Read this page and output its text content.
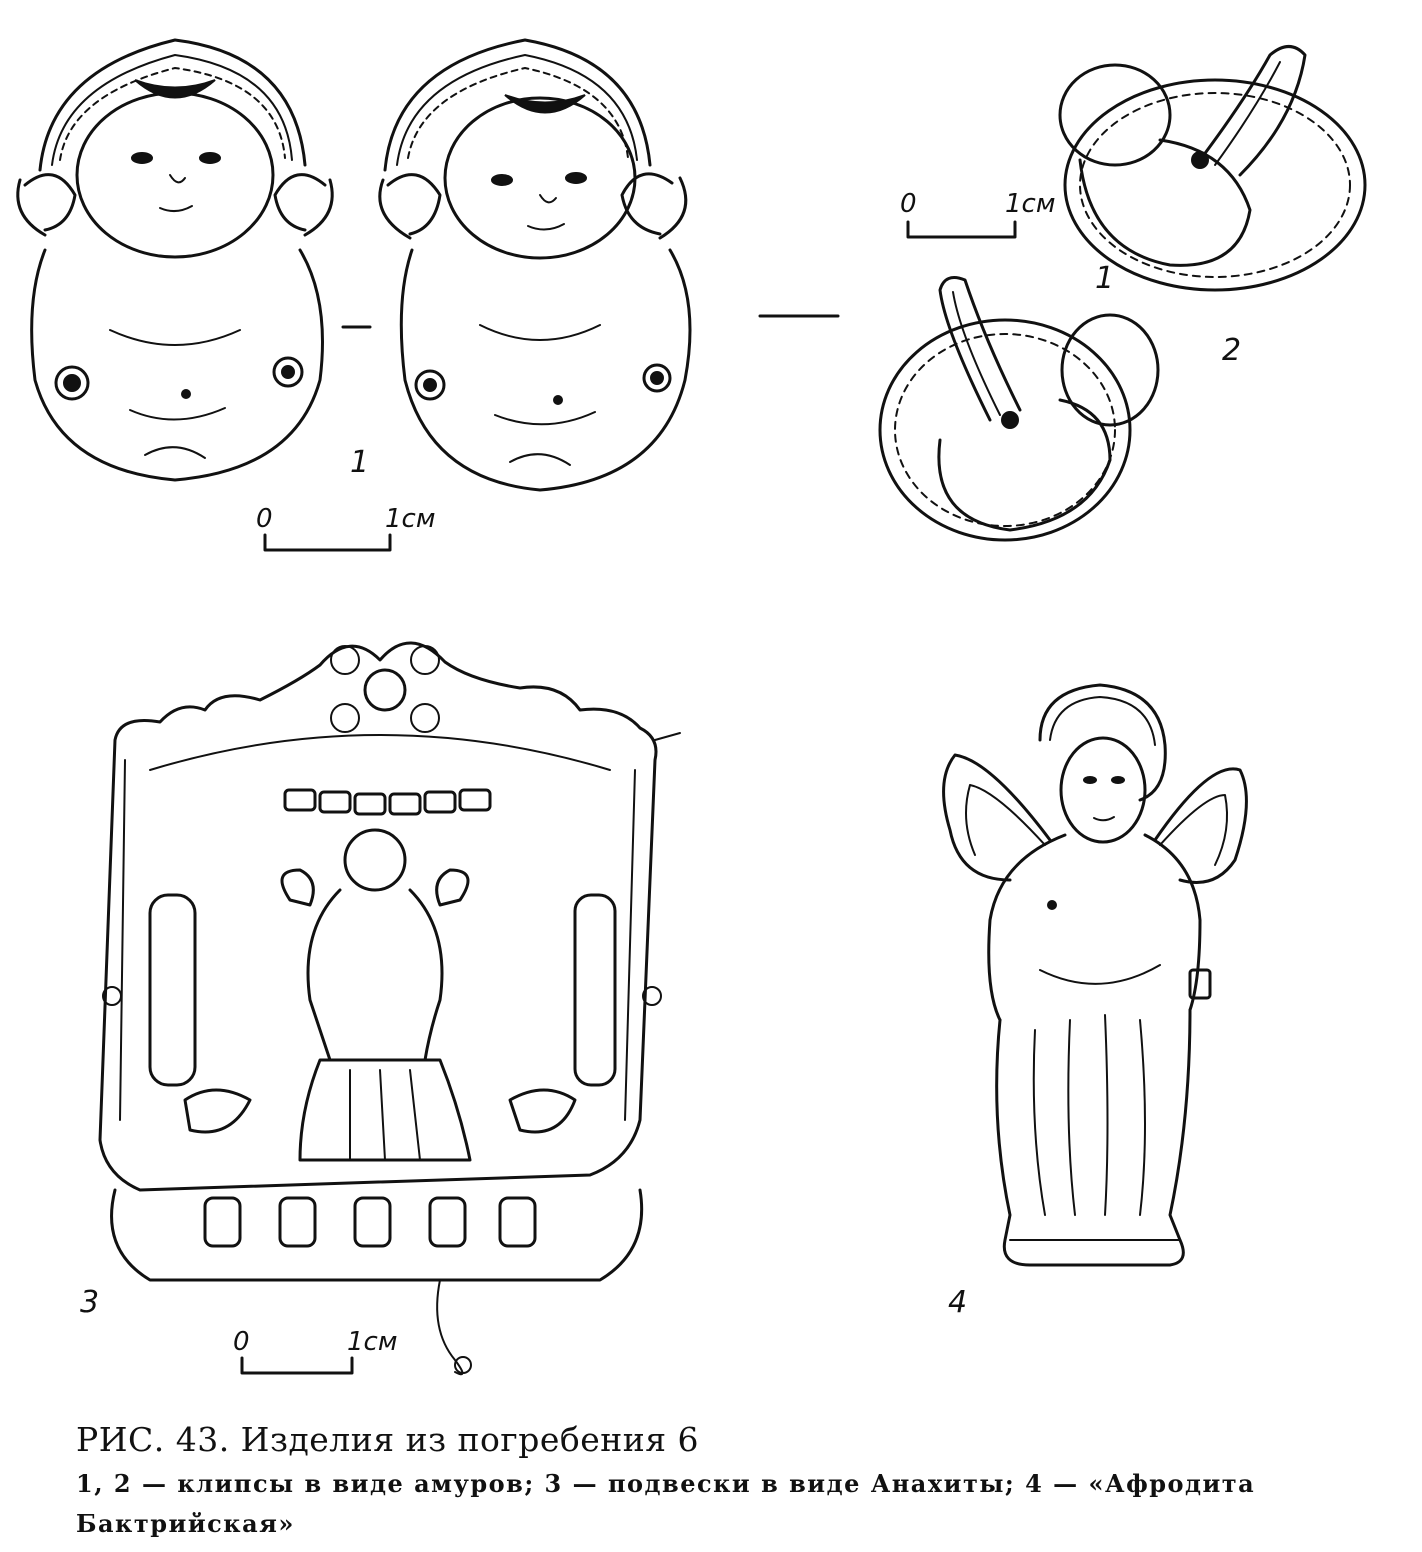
1
0	1см
1
0	1см
2
3
0	1см
4
РИС. 43. Изделия из погребения 6
1, 2 — клипсы в виде амуров; 3 — подвески в виде Анахиты; 4 — «Афродита Бактрийская»
